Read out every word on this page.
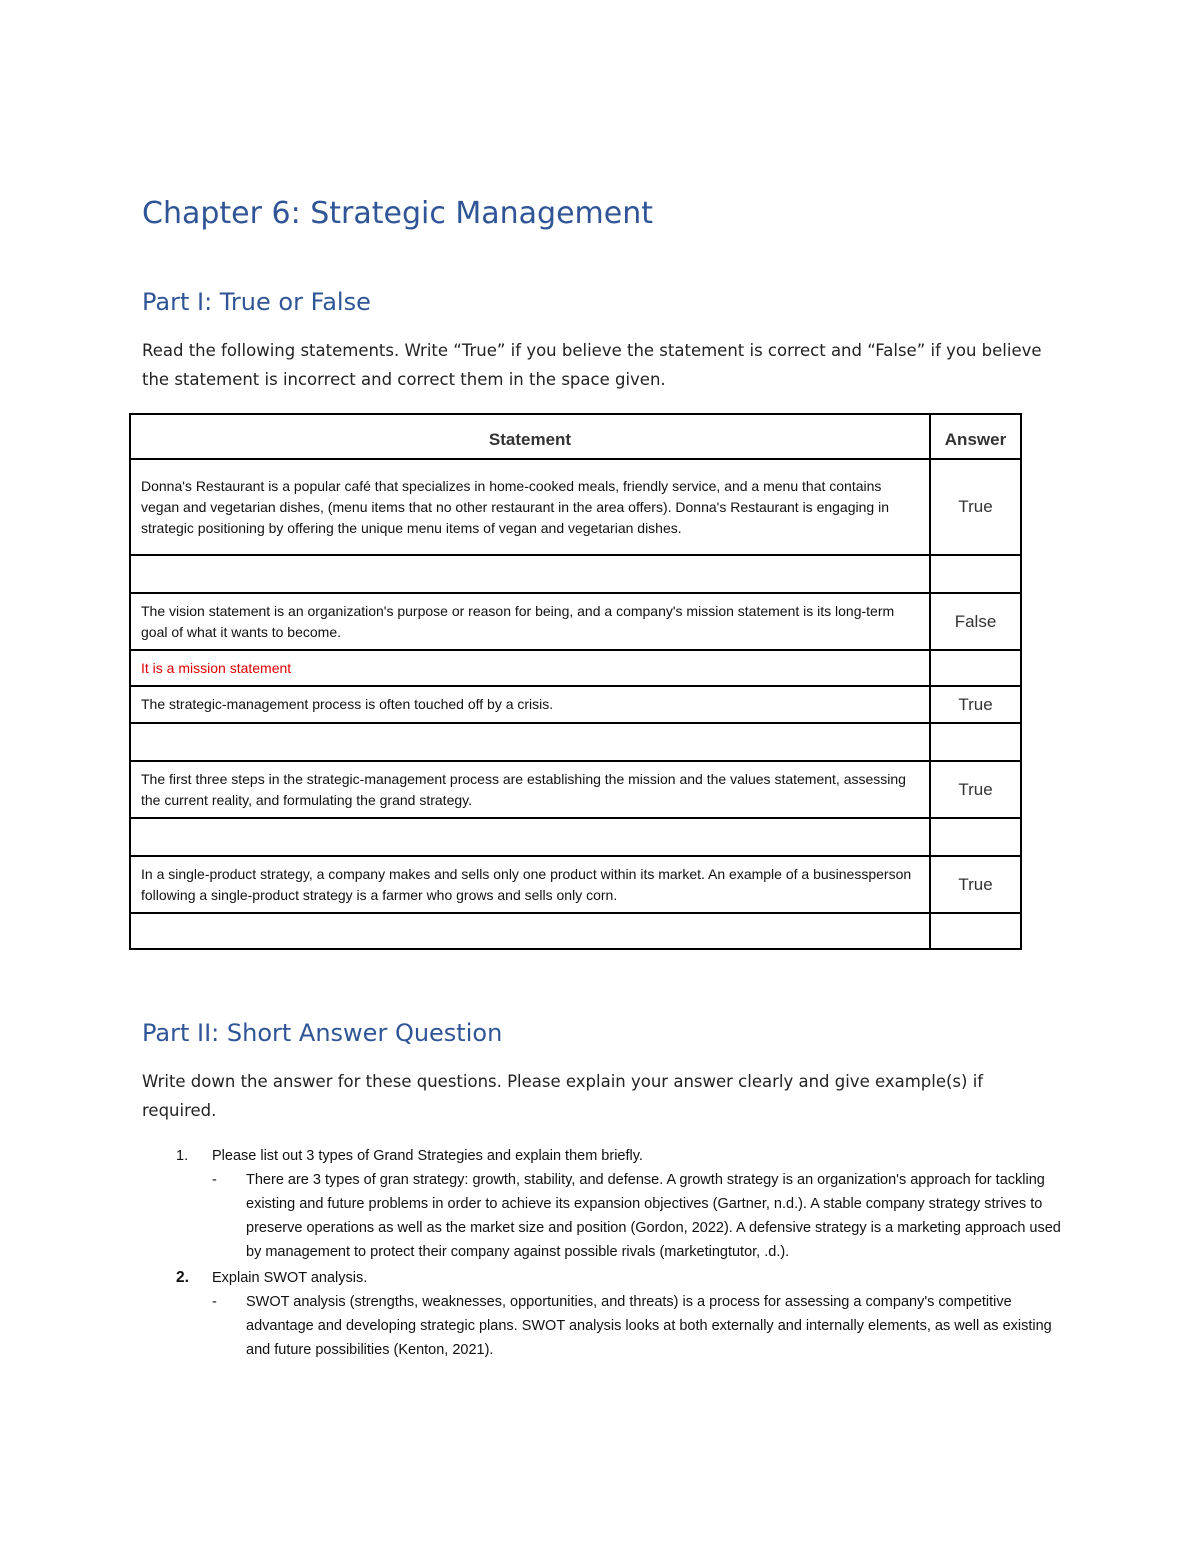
Chapter 6: Strategic Management
Part I: True or False

Read the following statements. Write “True” if you believe the statement is correct and “False” if you believe the statement is incorrect and correct them in the space given.

Statement	Answer
Donna's Restaurant is a popular café that specializes in home-cooked meals, friendly service, and a menu that contains vegan and vegetarian dishes, (menu items that no other restaurant in the area offers). Donna's Restaurant is engaging in strategic positioning by offering the unique menu items of vegan and vegetarian dishes.	True

The vision statement is an organization's purpose or reason for being, and a company's mission statement is its long-term goal of what it wants to become.	False
It is a mission statement	
The strategic-management process is often touched off by a crisis.	True

The first three steps in the strategic-management process are establishing the mission and the values statement, assessing the current reality, and formulating the grand strategy.	True

In a single-product strategy, a company makes and sells only one product within its market. An example of a businessperson following a single-product strategy is a farmer who grows and sells only corn.	True

Part II: Short Answer Question

Write down the answer for these questions. Please explain your answer clearly and give example(s) if required.

1. Please list out 3 types of Grand Strategies and explain them briefly.
- There are 3 types of gran strategy: growth, stability, and defense. A growth strategy is an organization's approach for tackling existing and future problems in order to achieve its expansion objectives (Gartner, n.d.). A stable company strategy strives to preserve operations as well as the market size and position (Gordon, 2022). A defensive strategy is a marketing approach used by management to protect their company against possible rivals (marketingtutor, .d.).
2. Explain SWOT analysis.
- SWOT analysis (strengths, weaknesses, opportunities, and threats) is a process for assessing a company's competitive advantage and developing strategic plans. SWOT analysis looks at both externally and internally elements, as well as existing and future possibilities (Kenton, 2021).
